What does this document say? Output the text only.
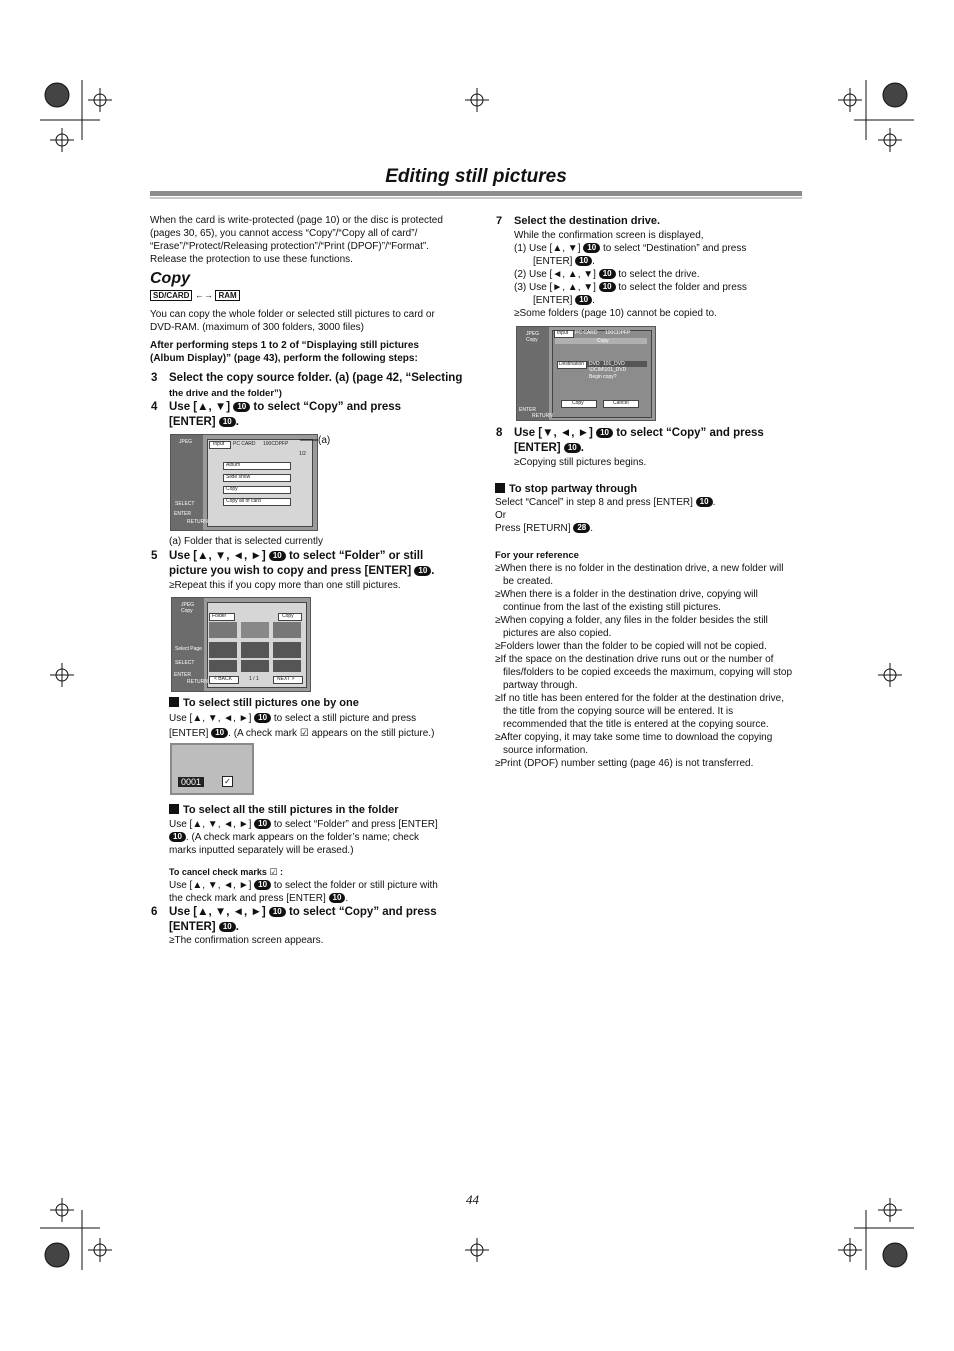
Editing still pictures
When the card is write-protected (page 10) or the disc is protected
(pages 30, 65), you cannot access “Copy”/“Copy all of card”/
“Erase”/“Protect/Releasing protection”/“Print (DPOF)”/“Format”.
Release the protection to use these functions.
Copy
SD/CARD ←→ RAM
You can copy the whole folder or selected still pictures to card or
DVD-RAM. (maximum of 300 folders, 3000 files)
After performing steps 1 to 2 of “Displaying still pictures
(Album Display)” (page 43), perform the following steps:
3 Select the copy source folder. (a) (page 42, “Selecting
the drive and the folder”)
4 Use [▲, ▼] 10 to select “Copy” and press
[ENTER] 10 .
JPEG	Input PC CARD 100CDPFP
1/2
Album
Slide show
Copy
Copy all of card
SELECT
ENTER
RETURN
(a)
(a) Folder that is selected currently
5 Use [▲, ▼, ◄, ►] 10 to select “Folder” or still
picture you wish to copy and press [ENTER] 10 .
≥Repeat this if you copy more than one still pictures.
JPEG
Copy
Folder	Copy
< BACK	1 / 1	NEXT >
Select Page
SELECT
ENTER
RETURN
To select still pictures one by one
Use [▲, ▼, ◄, ►] 10 to select a still picture and press
[ENTER] 10 . (A check mark ☑ appears on the still picture.)
0001	✓
To select all the still pictures in the folder
Use [▲, ▼, ◄, ►] 10 to select “Folder” and press [ENTER]
10 . (A check mark appears on the folder’s name; check
marks inputted separately will be erased.)
To cancel check marks ☑ :
Use [▲, ▼, ◄, ►] 10 to select the folder or still picture with
the check mark and press [ENTER] 10 .
6 Use [▲, ▼, ◄, ►] 10 to select “Copy” and press
[ENTER] 10 .
≥The confirmation screen appears.
7 Select the destination drive.
While the confirmation screen is displayed,
(1) Use [▲, ▼] 10 to select “Destination” and press
[ENTER] 10 .
(2) Use [◄, ▲, ▼] 10 to select the drive.
(3) Use [►, ▲, ▼] 10 to select the folder and press
[ENTER] 10 .
≥Some folders (page 10) cannot be copied to.
JPEG
Copy
Input PC CARD 100CDPFP
Copy
Destination DVD 101_DVD
\DCIM\101_DVD
Begin copy?
Copy	Cancel
ENTER
RETURN
8 Use [▼, ◄, ►] 10 to select “Copy” and press
[ENTER] 10 .
≥Copying still pictures begins.
To stop partway through
Select “Cancel” in step 8 and press [ENTER] 10 .
Or
Press [RETURN] 28 .
For your reference
≥When there is no folder in the destination drive, a new folder will
be created.
≥When there is a folder in the destination drive, copying will
continue from the last of the existing still pictures.
≥When copying a folder, any files in the folder besides the still
pictures are also copied.
≥Folders lower than the folder to be copied will not be copied.
≥If the space on the destination drive runs out or the number of
files/folders to be copied exceeds the maximum, copying will stop
partway through.
≥If no title has been entered for the folder at the destination drive,
the title from the copying source will be entered. It is
recommended that the title is entered at the copying source.
≥After copying, it may take some time to download the copying
source information.
≥Print (DPOF) number setting (page 46) is not transferred.
44
